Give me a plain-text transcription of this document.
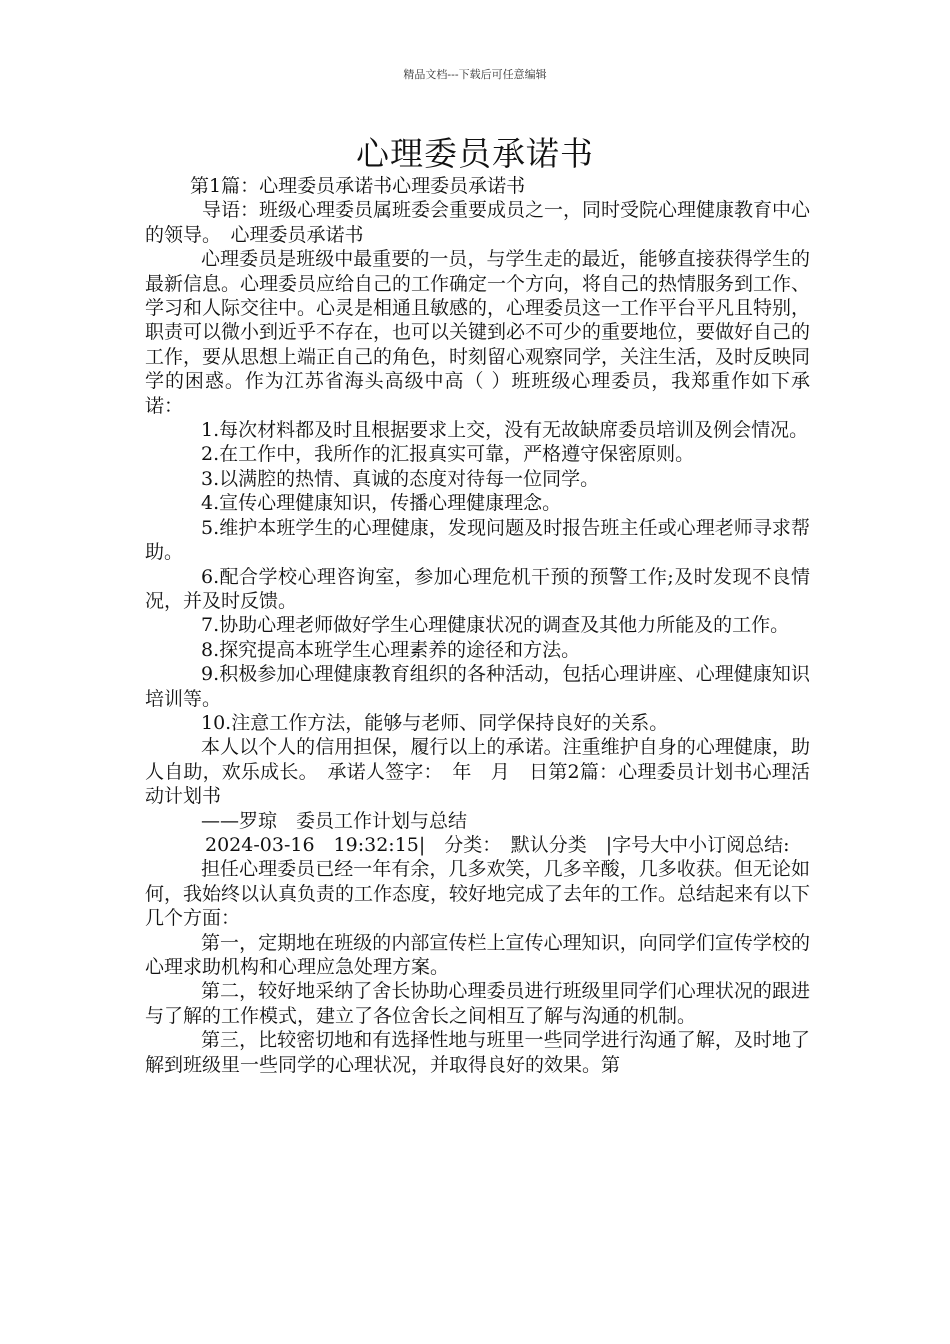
精品文档---下载后可任意编辑
心理委员承诺书

第1篇：心理委员承诺书心理委员承诺书

导语：班级心理委员属班委会重要成员之一，同时受院心理健康教育中心的领导。　心理委员承诺书

心理委员是班级中最重要的一员，与学生走的最近，能够直接获得学生的最新信息。心理委员应给自己的工作确定一个方向，将自己的热情服务到工作、学习和人际交往中。心灵是相通且敏感的，心理委员这一工作平台平凡且特别，职责可以微小到近乎不存在，也可以关键到必不可少的重要地位，要做好自己的工作，要从思想上端正自己的角色，时刻留心观察同学，关注生活，及时反映同学的困惑。作为江苏省海头高级中高（ ）班班级心理委员，我郑重作如下承诺：

1.每次材料都及时且根据要求上交，没有无故缺席委员培训及例会情况。

2.在工作中，我所作的汇报真实可靠，严格遵守保密原则。

3.以满腔的热情、真诚的态度对待每一位同学。

4.宣传心理健康知识，传播心理健康理念。

5.维护本班学生的心理健康，发现问题及时报告班主任或心理老师寻求帮助。

6.配合学校心理咨询室，参加心理危机干预的预警工作;及时发现不良情况，并及时反馈。

7.协助心理老师做好学生心理健康状况的调查及其他力所能及的工作。

8.探究提高本班学生心理素养的途径和方法。

9.积极参加心理健康教育组织的各种活动，包括心理讲座、心理健康知识培训等。

10.注意工作方法，能够与老师、同学保持良好的关系。

本人以个人的信用担保，履行以上的承诺。注重维护自身的心理健康，助人自助，欢乐成长。　承诺人签字：　年　月　日第2篇：心理委员计划书心理活动计划书

——罗琼　委员工作计划与总结

2024-03-16　19:32:15|　分类：　默认分类　|字号大中小订阅总结:

担任心理委员已经一年有余，几多欢笑，几多辛酸，几多收获。但无论如何，我始终以认真负责的工作态度，较好地完成了去年的工作。总结起来有以下几个方面：

第一，定期地在班级的内部宣传栏上宣传心理知识，向同学们宣传学校的心理求助机构和心理应急处理方案。

第二，较好地采纳了舍长协助心理委员进行班级里同学们心理状况的跟进与了解的工作模式，建立了各位舍长之间相互了解与沟通的机制。

第三，比较密切地和有选择性地与班里一些同学进行沟通了解，及时地了解到班级里一些同学的心理状况，并取得良好的效果。第
